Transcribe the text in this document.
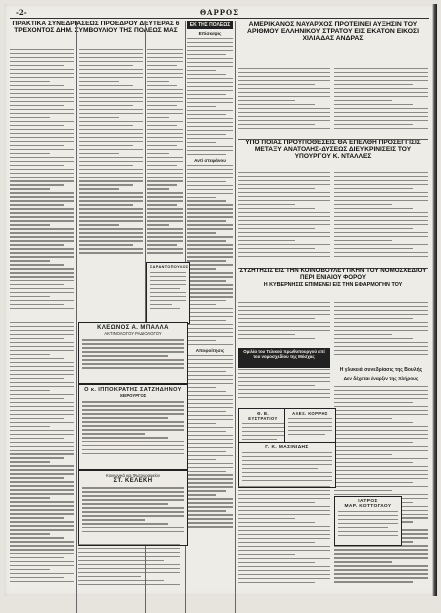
-2-	ΘΑΡΡΟΣ
ΠΡΑΚΤΙΚΑ ΣΥΝΕΔΡΙΑΣΕΩΣ ΠΡΟΕΔΡΟΥ ΔΕΥΤΕΡΑΣ 6 ΤΡΕΧΟΝΤΟΣ ΔΗΜ. ΣΥΜΒΟΥΛΙΟΥ ΤΗΣ ΠΟΛΕΩΣ ΜΑΣ
ΕΚ ΤΗΣ ΠΟΛΕΩΣ
Επίσκεψις
Αντί στεφάνου
Αποφοίτησις
ΣΑΡΑΝΤΟΠΟΥΛΟΣ
ΚΛΕΩΝΟΣ Α. ΜΠΑΛΛΑ
ΑΚΤΙΝΟΛΟΓΟΥ ΡΑΔΙΟΛΟΓΟΥ
Ο κ. ΙΠΠΟΚΡΑΤΗΣ ΣΑΤΖΗΔΗΝΟΥ
ΧΕΙΡΟΥΡΓΟΣ
Κοινωνικά και Φωτογραφείον
ΣΤ. ΚΕΛΕΚΗ
ΑΜΕΡΙΚΑΝΟΣ ΝΑΥΑΡΧΟΣ ΠΡΟΤΕΙΝΕΙ ΑΥΞΗΣΙΝ ΤΟΥ ΑΡΙΘΜΟΥ ΕΛΛΗΝΙΚΟΥ ΣΤΡΑΤΟΥ ΕΙΣ ΕΚΑΤΟΝ ΕΙΚΟΣΙ ΧΙΛΙΑΔΑΣ ΑΝΔΡΑΣ
ΥΠΟ ΠΟΙΑΣ ΠΡΟΥΠΟΘΕΣΕΙΣ ΘΑ ΕΠΕΛΘΗ ΠΡΟΣΕΓΓΙΣΙΣ ΜΕΤΑΞΥ ΑΝΑΤΟΛΗΣ-ΔΥΣΕΩΣ ΔΙΕΥΚΡΙΝΙΣΕΙΣ ΤΟΥ ΥΠΟΥΡΓΟΥ Κ. ΝΤΑΛΛΕΣ
ΣΥΖΗΤΗΣΙΣ ΕΙΣ ΤΗΝ ΚΟΙΝΟΒΟΥΛΕΥΤΙΚΗΝ ΤΟΥ ΝΟΜΟΣΧΕΔΙΟΥ ΠΕΡΙ ΕΝΙΑΙΟΥ ΦΟΡΟΥ
Η ΚΥΒΕΡΝΗΣΙΣ ΕΠΙΜΕΝΕΙ ΕΙΣ ΤΗΝ ΕΦΑΡΜΟΓΗΝ ΤΟΥ
Ομιλία του Τελικού πρωθυπουργού επί του νομοσχεδίου της Μόσχας
Η γλυκειά συνεδρίασις της Βουλής
Δεν δέχεται έναρξιν της πλήρους
Θ. Β. ΕΥΣΤΡΑΤΙΟΥ
ΑΛΕΞ. ΚΟΡΡΗΣ
Γ. Κ. ΜΑΣΙΝΙΔΗΣ
ΙΑΤΡΟΣ
ΜΑΡ. ΚΟΤΤΟΓΛΟΥ
